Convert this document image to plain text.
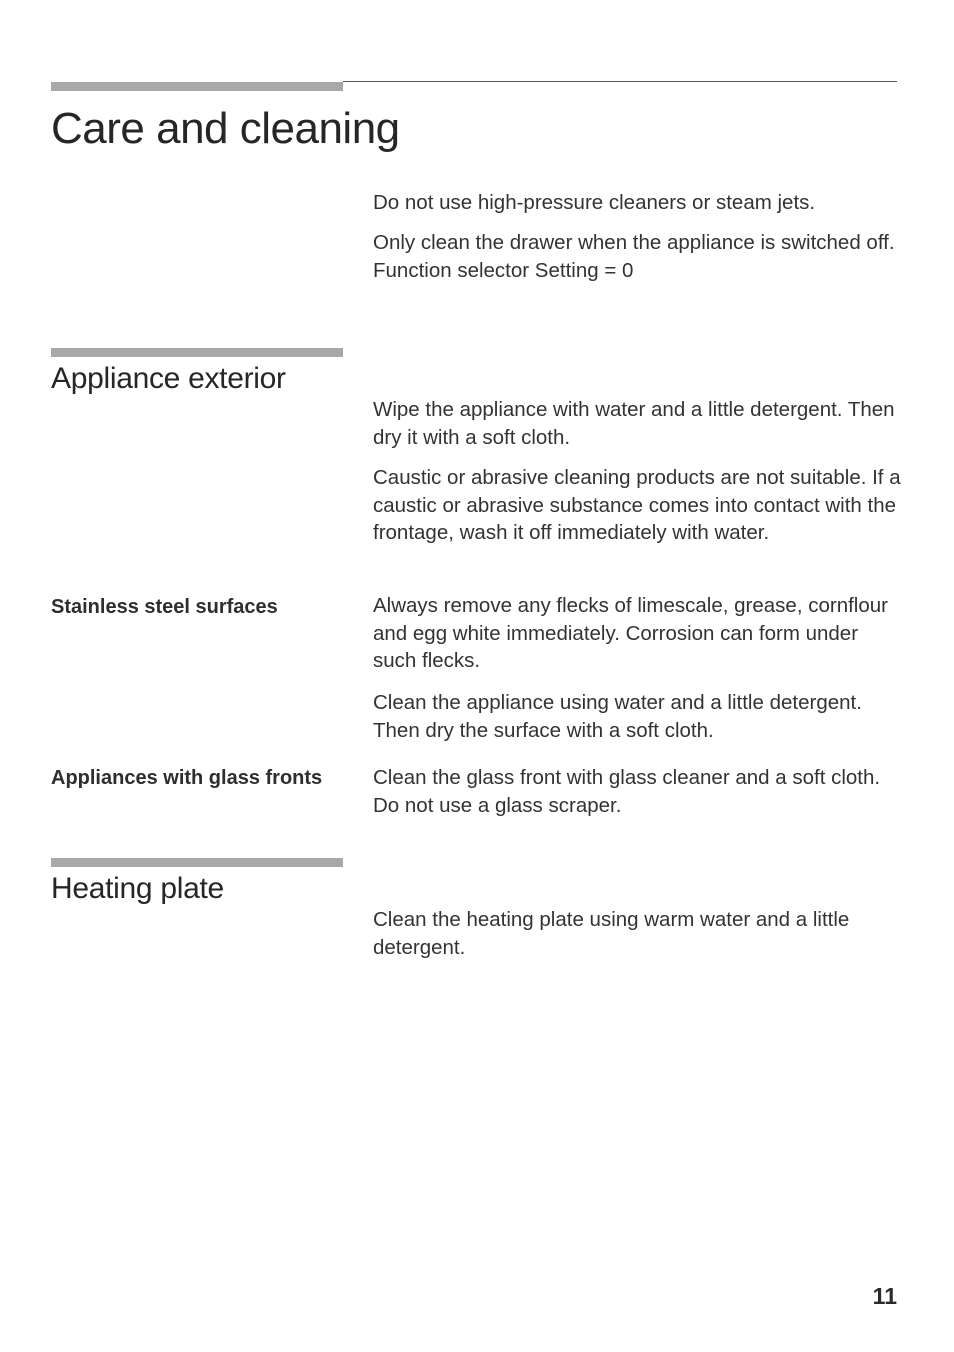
Care and cleaning

Do not use high-pressure cleaners or steam jets.

Only clean the drawer when the appliance is switched off.
Function selector Setting = 0
Appliance exterior

Wipe the appliance with water and a little detergent. Then dry it with a soft cloth.

Caustic or abrasive cleaning products are not suitable. If a caustic or abrasive substance comes into contact with the frontage, wash it off immediately with water.

Stainless steel surfaces	Always remove any flecks of limescale, grease, cornflour and egg white immediately. Corrosion can form under such flecks.

Clean the appliance using water and a little detergent. Then dry the surface with a soft cloth.

Appliances with glass fronts	Clean the glass front with glass cleaner and a soft cloth. Do not use a glass scraper.

Heating plate

Clean the heating plate using warm water and a little detergent.

11
